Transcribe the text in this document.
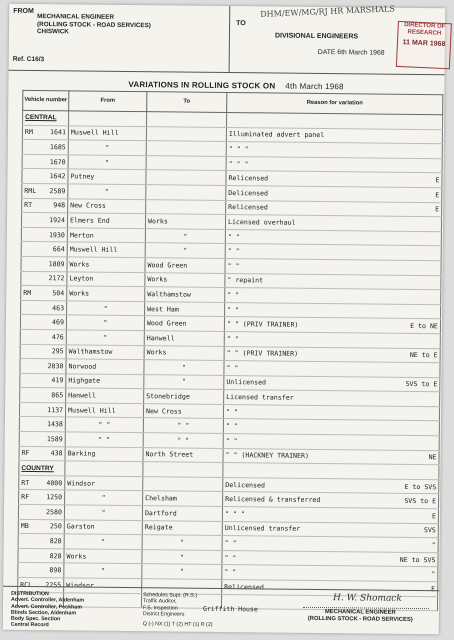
FROM
MECHANICAL ENGINEER
(ROLLING STOCK - ROAD SERVICES)
CHISWICK
Ref. C16/3
TO
DHM/EW/MG/RJ HR MARSHALS
DIVISIONAL ENGINEERS
DATE 6th March 1968
DIRECTOR OF
RESEARCH
11 MAR 1968
VARIATIONS IN ROLLING STOCK ON 4th March 1968
Vehicle number	From	To	Reason for variation
CENTRAL			

RM 1641	Muswell Hill		Illuminated advert panel

1685	"		" " "

1670	"		" " "

1642	Putney		Relicensed E

RML 2589	"		Delicensed E

RT 948	New Cross		Relicensed E

1924	Elmers End	Works	Licensed overhaul

1930	Merton	"	" "

664	Muswell Hill	"	" "

1809	Works	Wood Green	" "

2172	Leyton	Works	" repaint

RM 504	Works	Walthamstow	" "

463	"	West Ham	" "

469	"	Wood Green	" " (PRIV TRAINER) E to NE

476	"	Hanwell	" "

295	Walthamstow	Works	" " (PRIV TRAINER) NE to E

2030	Norwood	"	" "

419	Highgate	"	Unlicensed SVS to E

865	Hanwell	Stonebridge	Licensed transfer

1137	Muswell Hill	New Cross	" "

1438	" "	" "	" "

1589	" "	" "	" "

RF 438	Barking	North Street	" " (HACKNEY TRAINER) NE

COUNTRY			

RT 4000	Windsor		Delicensed E to SVS

RF 1250	"	Chelsham	Relicensed & transferred SVS to E

2580	"	Dartford	" " " E

MB 250	Garston	Reigate	Unlicensed transfer SVS

828	"	"	" " "

828	Works	"	" " NE to SVS

898	"	"	" " "

RCL 2255	Windsor		Relicensed E

DISTRIBUTION
Advert. Controller, Aldenham
Advert. Controller, Peckham
Blinds Section, Aldenham
Body Spec. Section
Central Record
Schedules Supt. (R.S.)
Traffic Auditor,
F.S. Inspection
District Engineers
Griffith House
Q (-) NX (1) T (2) HT (1) R (2)
H. W. Shomack
MECHANICAL ENGINEER
(ROLLING STOCK - ROAD SERVICES)
